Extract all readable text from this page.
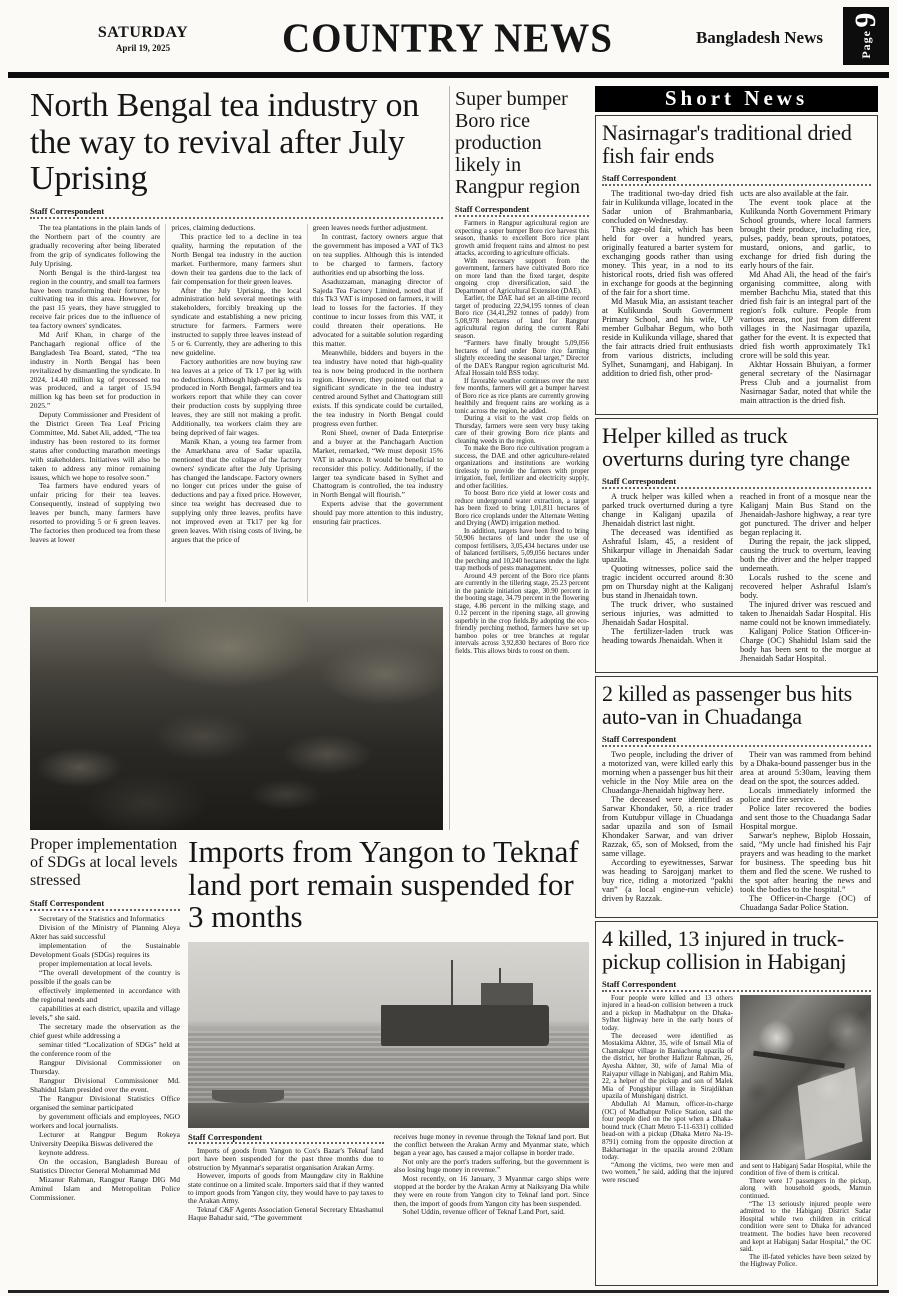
SATURDAY
April 19, 2025	COUNTRY NEWS	Bangladesh News	Page
9
North Bengal tea industry on the way to revival after July Uprising
Staff Correspondent

The tea plantations in the plain lands of the Northern part of the country are gradually recovering after being liberated from the grip of syndicates following the July Uprising.

North Bengal is the third-largest tea region in the country, and small tea farmers have been transforming their fortunes by cultivating tea in this area. However, for the past 15 years, they have struggled to receive fair prices due to the influence of tea factory owners' syndicates.

Md Arif Khan, in charge of the Panchagarh regional office of the Bangladesh Tea Board, stated, “The tea industry in North Bengal has been revitalized by dismantling the syndicate. In 2024, 14.40 million kg of processed tea was produced, and a target of 15.94 million kg has been set for production in 2025.”

Deputy Commissioner and President of the District Green Tea Leaf Pricing Committee, Md. Sabet Ali, added, “The tea industry has been restored to its former status after conducting marathon meetings with stakeholders. Initiatives will also be taken to address any minor remaining issues, which we hope to resolve soon.”

Tea farmers have endured years of unfair pricing for their tea leaves. Consequently, instead of supplying two leaves per bunch, many farmers have resorted to providing 5 or 6 green leaves. The factories then produced tea from these leaves at lower

prices, claiming deductions.

This practice led to a decline in tea quality, harming the reputation of the North Bengal tea industry in the auction market. Furthermore, many farmers shut down their tea gardens due to the lack of fair compensation for their green leaves.

After the July Uprising, the local administration held several meetings with stakeholders, forcibly breaking up the syndicate and establishing a new pricing structure for farmers. Farmers were instructed to supply three leaves instead of 5 or 6. Currently, they are adhering to this new guideline.

Factory authorities are now buying raw tea leaves at a price of Tk 17 per kg with no deductions. Although high-quality tea is produced in North Bengal, farmers and tea workers report that while they can cover their production costs by supplying three leaves, they are still not making a profit. Additionally, tea workers claim they are being deprived of fair wages.

Manik Khan, a young tea farmer from the Amarkhana area of Sadar upazila, mentioned that the collapse of the factory owners' syndicate after the July Uprising has changed the landscape. Factory owners no longer cut prices under the guise of deductions and pay a fixed price. However, since tea weight has decreased due to supplying only three leaves, profits have not improved even at Tk17 per kg for green leaves. With rising costs of living, he argues that the price of

green leaves needs further adjustment.

In contrast, factory owners argue that the government has imposed a VAT of Tk3 on tea supplies. Although this is intended to be charged to farmers, factory authorities end up absorbing the loss.

Asaduzzaman, managing director of Sajeda Tea Factory Limited, noted that if this Tk3 VAT is imposed on farmers, it will lead to losses for the factories. If they continue to incur losses from this VAT, it could threaten their operations. He advocated for a suitable solution regarding this matter.

Meanwhile, bidders and buyers in the tea industry have noted that high-quality tea is now being produced in the northern region. However, they pointed out that a significant syndicate in the tea industry centred around Sylhet and Chattogram still exists. If this syndicate could be curtailed, the tea industry in North Bengal could progress even further.

Roni Sheel, owner of Dada Enterprise and a buyer at the Panchagarh Auction Market, remarked, “We must deposit 15% VAT in advance. It would be beneficial to reconsider this policy. Additionally, if the larger tea syndicate based in Sylhet and Chattogram is controlled, the tea industry in North Bengal will flourish.”

Experts advise that the government should pay more attention to this industry, ensuring fair practices.

Super bumper Boro rice production likely in Rangpur region
Staff Correspondent

Farmers in Rangpur agricultural region are expecting a super bumper Boro rice harvest this season, thanks to excellent Boro rice plant growth amid frequent rains and almost no pest attacks, according to agriculture officials.

With necessary support from the government, farmers have cultivated Boro rice on more land than the fixed target, despite ongoing crop diversification, said the Department of Agricultural Extension (DAE).

Earlier, the DAE had set an all-time record target of producing 22,94,195 tonnes of clean Boro rice (34,41,292 tonnes of paddy) from 5,08,978 hectares of land for Rangpur agricultural region during the current Rabi season.

“Farmers have finally brought 5,09,056 hectares of land under Boro rice farming slightly exceeding the seasonal target,” Director of the DAE's Rangpur region agriculturist Md. Afzal Hossain told BSS today.

If favorable weather continues over the next few months, farmers will get a bumper harvest of Boro rice as rice plants are currently growing healthily and frequent rains are working as a tonic across the region, he added.

During a visit to the vast crop fields on Thursday, farmers were seen very busy taking care of their growing Boro rice plants and cleaning weeds in the region.

To make the Boro rice cultivation program a success, the DAE and other agriculture-related organizations and institutions are working tirelessly to provide the farmers with proper irrigation, fuel, fertilizer and electricity supply, and other facilities.

To boost Boro rice yield at lower costs and reduce underground water extraction, a target has been fixed to bring 1,01,811 hectares of Boro rice croplands under the Alternate Wetting and Drying (AWD) irrigation method.

In addition, targets have been fixed to bring 50,906 hectares of land under the use of compost fertilisers, 3,05,434 hectares under use of balanced fertilisers, 5,09,056 hectares under the perching and 10,240 hectares under the light trap methods of pests management.

Around 4.9 percent of the Boro rice plants are currently in the tillering stage, 25.23 percent in the panicle initiation stage, 30.90 percent in the booting stage, 34.79 percent in the flowering stage, 4.86 percent in the milking stage, and 0.12 percent in the ripening stage, all growing superbly in the crop fields.By adopting the eco-friendly perching method, farmers have set up bamboo poles or tree branches at regular intervals across 3,92,830 hectares of Boro rice fields. This allows birds to roost on them.

Proper implementation of SDGs at local levels stressed
Staff Correspondent

Secretary of the Statistics and Informatics

Division of the Ministry of Planning Aleya Akter has said successful

implementation of the Sustainable Development Goals (SDGs) requires its

proper implementation at local levels.

“The overall development of the country is possible if the goals can be

effectively implemented in accordance with the regional needs and

capabilities at each district, upazila and village levels,” she said.

The secretary made the observation as the chief guest while addressing a

seminar titled “Localization of SDGs” held at the conference room of the

Rangpur Divisional Commissioner on Thursday.

Rangpur Divisional Commissioner Md. Shahidul Islam presided over the event.

The Rangpur Divisional Statistics Office organised the seminar participated

by government officials and employees, NGO workers and local journalists.

Lecturer at Rangpur Begum Rokeya University Deepika Biswas delivered the

keynote address.

On the occasion, Bangladesh Bureau of Statistics Director General Mohammad Md

Mizanur Rahman, Rangpur Range DIG Md Aminul Islam and Metropolitan Police Commissioner.

Imports from Yangon to Teknaf land port remain suspended for 3 months
Staff Correspondent

Imports of goods from Yangon to Cox's Bazar's Teknaf land port have been suspended for the past three months due to obstruction by Myanmar's separatist organisation Arakan Army.

However, imports of goods from Maungdaw city in Rakhine state continue on a limited scale. Importers said that if they wanted to import goods from Yangon city, they would have to pay taxes to the Arakan Army.

Teknaf C&F Agents Association General Secretary Ehtashamul Haque Bahadur said, “The government

receives huge money in revenue through the Teknaf land port. But the conflict between the Arakan Army and Myanmar state, which began a year ago, has caused a major collapse in border trade.

Not only are the port's traders suffering, but the government is also losing huge money in revenue.”

Most recently, on 16 January, 3 Myanmar cargo ships were stopped at the border by the Arakan Army at Naiksyang Dia while they were en route from Yangon city to Teknaf land port. Since then, the import of goods from Yangon city has been suspended.

Sohel Uddin, revenue officer of Teknaf Land Port, said.

Short News
Nasirnagar's traditional dried fish fair ends
Staff Correspondent

The traditional two-day dried fish fair in Kulikunda village, located in the Sadar union of Brahmanbaria, concluded on Wednesday.

This age-old fair, which has been held for over a hundred years, originally featured a barter system for exchanging goods rather than using money. This year, in a nod to its historical roots, dried fish was offered in exchange for goods at the beginning of the fair for a short time.

Md Masuk Mia, an assistant teacher at Kulikunda South Government Primary School, and his wife, UP member Gulbahar Begum, who both reside in Kulikunda village, shared that the fair attracts dried fruit enthusiasts from various districts, including Sylhet, Sunamganj, and Habiganj. In addition to dried fish, other prod-

ucts are also available at the fair.

The event took place at the Kulikunda North Government Primary School grounds, where local farmers brought their produce, including rice, pulses, paddy, bean sprouts, potatoes, mustard, onions, and garlic, to exchange for dried fish during the early hours of the fair.

Md Ahad Ali, the head of the fair's organising committee, along with member Bachchu Mia, stated that this dried fish fair is an integral part of the region's folk culture. People from various areas, not just from different villages in the Nasirnagar upazila, gather for the event. It is expected that dried fish worth approximately Tk1 crore will be sold this year.

Akhtar Hossain Bhuiyan, a former general secretary of the Nasirnagar Press Club and a journalist from Nasirnagar Sadar, noted that while the main attraction is the dried fish.

Helper killed as truck overturns during tyre change
Staff Correspondent

A truck helper was killed when a parked truck overturned during a tyre change in Kaliganj upazila of Jhenaidah district last night.

The deceased was identified as Ashraful Islam, 45, a resident of Shikarpur village in Jhenaidah Sadar upazila.

Quoting witnesses, police said the tragic incident occurred around 8:30 pm on Thursday night at the Kaliganj bus stand in Jhenaidah town.

The truck driver, who sustained serious injuries, was admitted to Jhenaidah Sadar Hospital.

The fertilizer-laden truck was heading towards Jhenaidah. When it

reached in front of a mosque near the Kaliganj Main Bus Stand on the Jhenaidah-Jashore highway, a rear tyre got punctured. The driver and helper began replacing it.

During the repair, the jack slipped, causing the truck to overturn, leaving both the driver and the helper trapped underneath.

Locals rushed to the scene and recovered helper Ashraful Islam's body.

The injured driver was rescued and taken to Jhenaidah Sadar Hospital. His name could not be known immediately.

Kaliganj Police Station Officer-in-Charge (OC) Shahidul Islam said the body has been sent to the morgue at Jhenaidah Sadar Hospital.

2 killed as passenger bus hits auto-van in Chuadanga
Staff Correspondent

Two people, including the driver of a motorized van, were killed early this morning when a passenger bus hit their vehicle in the Noy Mile area on the Chuadanga-Jhenaidah highway here.

The deceased were identified as Sarwar Khondaker, 50, a rice trader from Kutubpur village in Chuadanga sadar upazila and son of Ismail Khondaker Sarwar, and van driver Razzak, 65, son of Moksed, from the same village.

According to eyewitnesses, Sarwar was heading to Sarojganj market to buy rice, riding a motorized “pakhi van” (a local engine-run vehicle) driven by Razzak.

Their van was rammed from behind by a Dhaka-bound passenger bus in the area at around 5:30am, leaving them dead on the spot, the sources added.

Locals immediately informed the police and fire service.

Police later recovered the bodies and sent those to the Chuadanga Sadar Hospital morgue.

Sarwar's nephew, Biplob Hossain, said, “My uncle had finished his Fajr prayers and was heading to the market for business. The speeding bus hit them and fled the scene. We rushed to the spot after hearing the news and took the bodies to the hospital.”

The Officer-in-Charge (OC) of Chuadanga Sadar Police Station.

4 killed, 13 injured in truck-pickup collision in Habiganj
Staff Correspondent

Four people were killed and 13 others injured in a head-on collision between a truck and a pickup in Madhabpur on the Dhaka-Sylhet highway here in the early hours of today.

The deceased were identified as Mostakima Akhter, 35, wife of Ismail Mia of Chamakpur village in Baniachong upazila of the district, her brother Hafizur Rahman, 26, Ayesha Akhter, 30, wife of Jamal Mia of Raiyapur village in Nabiganj, and Rahim Mia, 22, a helper of the pickup and son of Malek Mia of Pongshipur village in Sirajdikhan upazila of Munshiganj district.

Abdullah Al Mamun, officer-in-charge (OC) of Madhabpur Police Station, said the four people died on the spot when a Dhaka-bound truck (Chatt Metro T-11-6331) collided head-on with a pickup (Dhaka Metro Na-19-8791) coming from the opposite direction at Bakharnagar in the upazila around 2:00am today.

“Among the victims, two were men and two women,” he said, adding that the injured were rescued

and sent to Habiganj Sadar Hospital, while the condition of five of them is critical.

There were 17 passengers in the pickup, along with household goods, Mamun continued.

“The 13 seriously injured people were admitted to the Habiganj District Sadar Hospital while two children in critical condition were sent to Dhaka for advanced treatment. The bodies have been recovered and kept at Habiganj Sadar Hospital,” the OC said.

The ill-fated vehicles have been seized by the Highway Police.
